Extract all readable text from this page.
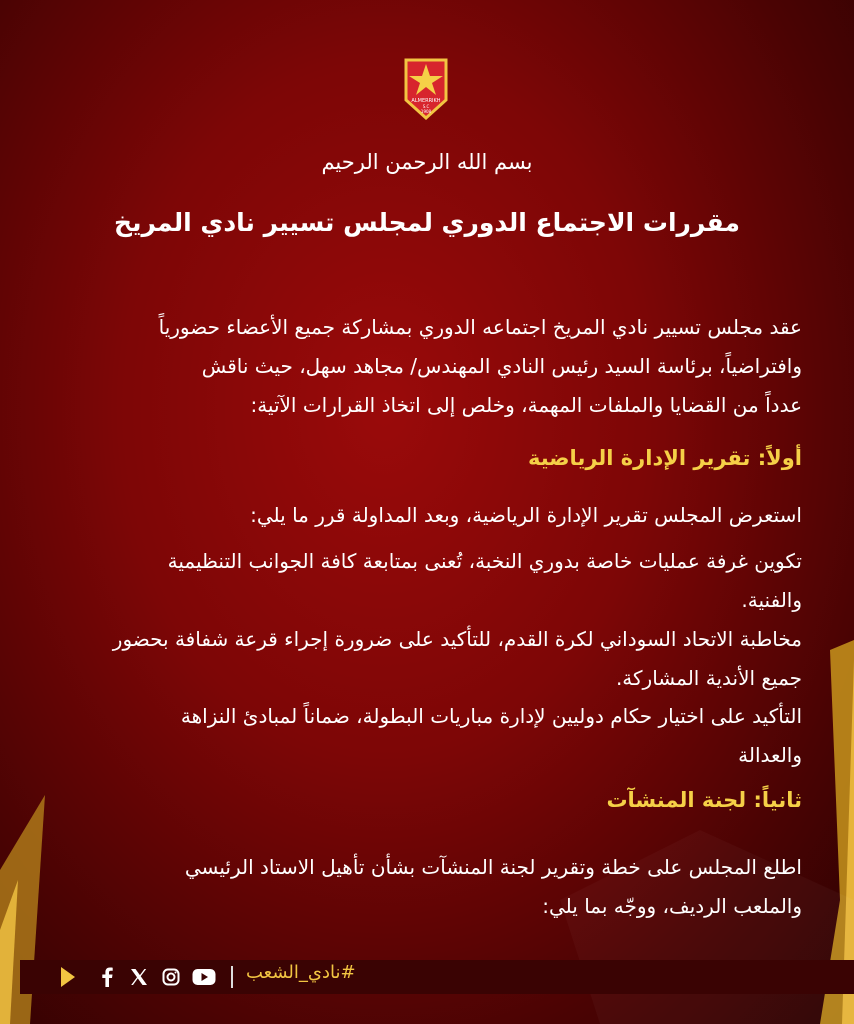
ALMERRIKH
S.C
1908
بسم الله الرحمن الرحيم
مقررات الاجتماع الدوري لمجلس تسيير نادي المريخ
عقد مجلس تسيير نادي المريخ اجتماعه الدوري بمشاركة جميع الأعضاء حضورياً
وافتراضياً، برئاسة السيد رئيس النادي المهندس/ مجاهد سهل، حيث ناقش
عدداً من القضايا والملفات المهمة، وخلص إلى اتخاذ القرارات الآتية:
أولاً: تقرير الإدارة الرياضية
استعرض المجلس تقرير الإدارة الرياضية، وبعد المداولة قرر ما يلي:
تكوين غرفة عمليات خاصة بدوري النخبة، تُعنى بمتابعة كافة الجوانب التنظيمية
والفنية.
مخاطبة الاتحاد السوداني لكرة القدم، للتأكيد على ضرورة إجراء قرعة شفافة بحضور
جميع الأندية المشاركة.
التأكيد على اختيار حكام دوليين لإدارة مباريات البطولة، ضماناً لمبادئ النزاهة
والعدالة
ثانياً: لجنة المنشآت
اطلع المجلس على خطة وتقرير لجنة المنشآت بشأن تأهيل الاستاد الرئيسي
والملعب الرديف، ووجّه بما يلي:
#نادي_الشعب
